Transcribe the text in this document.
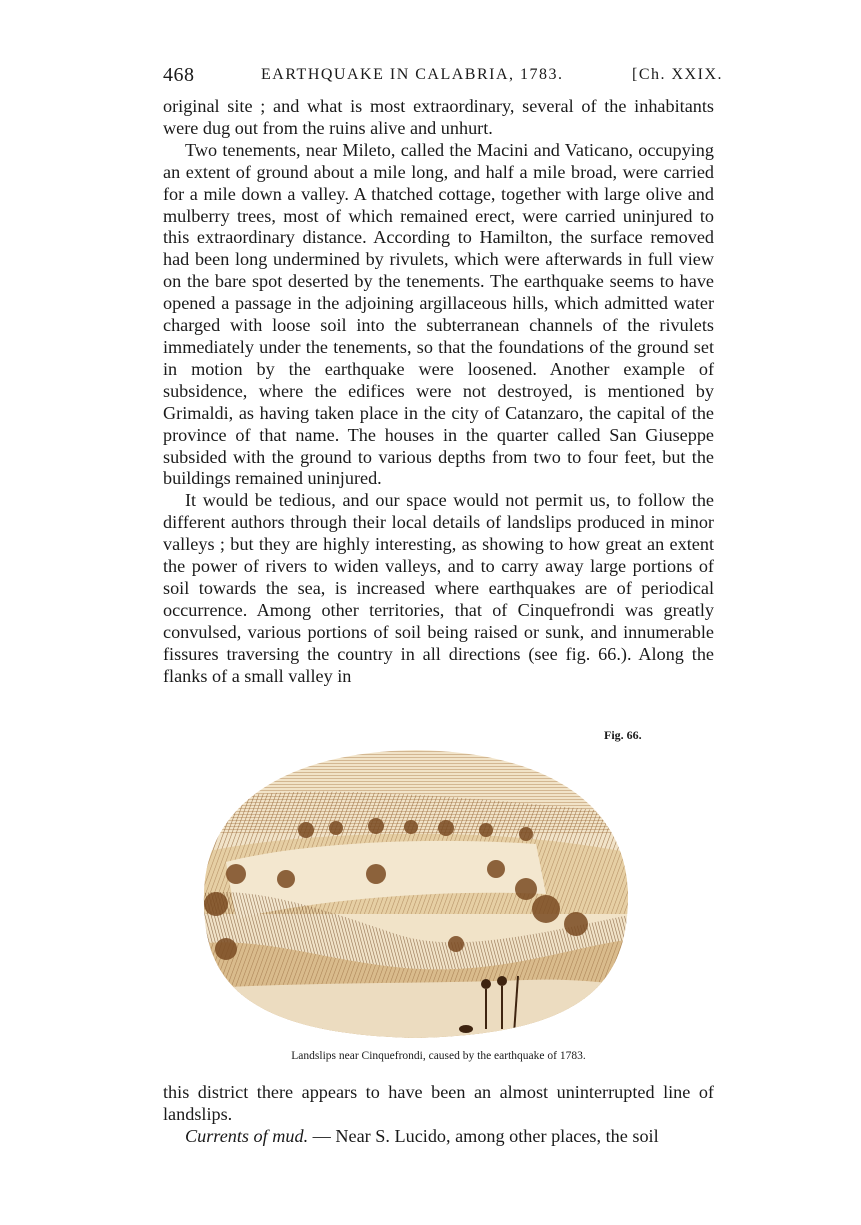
468	EARTHQUAKE IN CALABRIA, 1783.	[Ch. XXIX.

original site ; and what is most extraordinary, several of the inhabitants were dug out from the ruins alive and unhurt.

Two tenements, near Mileto, called the Macini and Vaticano, occupying an extent of ground about a mile long, and half a mile broad, were carried for a mile down a valley. A thatched cottage, together with large olive and mulberry trees, most of which remained erect, were carried uninjured to this extraordinary distance. According to Hamilton, the surface removed had been long undermined by rivulets, which were afterwards in full view on the bare spot deserted by the tenements. The earthquake seems to have opened a passage in the adjoining argillaceous hills, which admitted water charged with loose soil into the subterranean channels of the rivulets immediately under the tenements, so that the foundations of the ground set in motion by the earthquake were loosened. Another example of subsidence, where the edifices were not destroyed, is mentioned by Grimaldi, as having taken place in the city of Catanzaro, the capital of the province of that name. The houses in the quarter called San Giuseppe subsided with the ground to various depths from two to four feet, but the buildings remained uninjured.

It would be tedious, and our space would not permit us, to follow the different authors through their local details of landslips produced in minor valleys ; but they are highly interesting, as showing to how great an extent the power of rivers to widen valleys, and to carry away large portions of soil towards the sea, is increased where earthquakes are of periodical occurrence. Among other territories, that of Cinquefrondi was greatly convulsed, various portions of soil being raised or sunk, and innumerable fissures traversing the country in all directions (see fig. 66.). Along the flanks of a small valley in

Fig. 66.
Landslips near Cinquefrondi, caused by the earthquake of 1783.

this district there appears to have been an almost uninterrupted line of landslips.

Currents of mud. — Near S. Lucido, among other places, the soil
